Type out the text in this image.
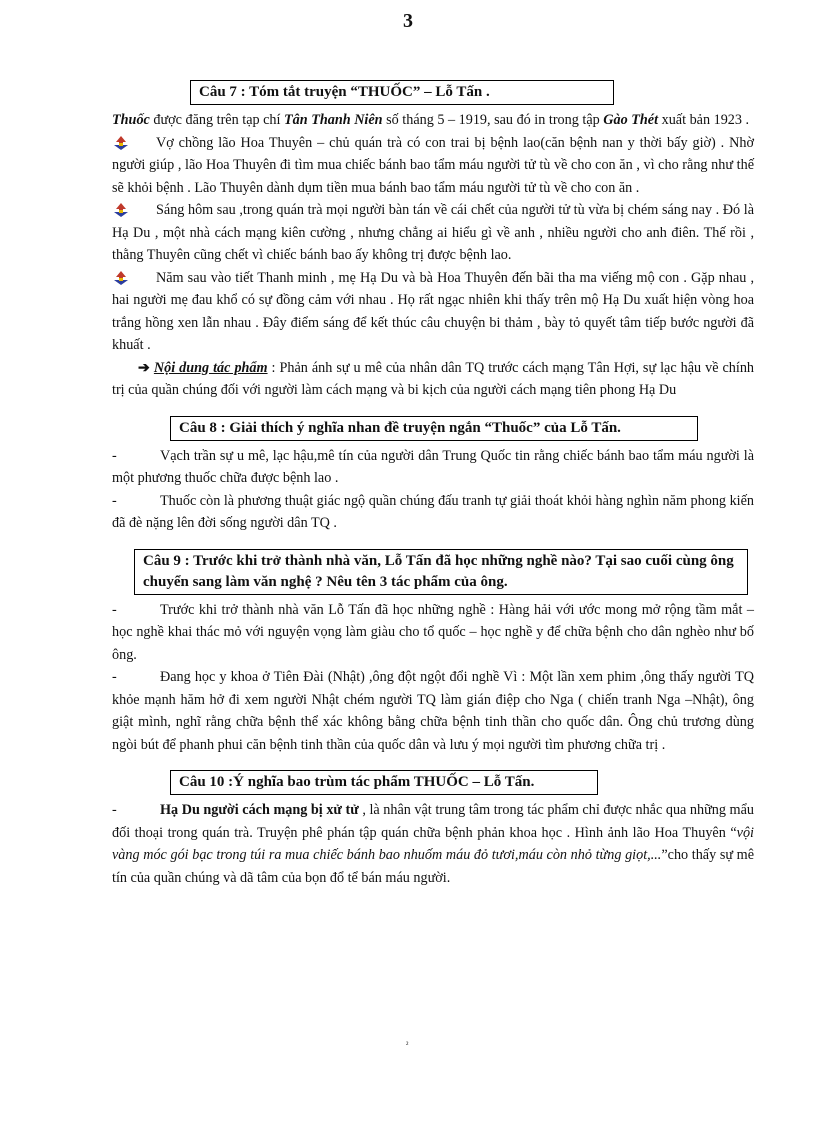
3
Câu 7 : Tóm tắt truyện “THUỐC” – Lỗ Tấn .

Thuốc được đăng trên tạp chí Tân Thanh Niên số tháng 5 – 1919, sau đó in trong tập Gào Thét xuất bản 1923 .

Vợ chồng lão Hoa Thuyên – chủ quán trà có con trai bị bệnh lao(căn bệnh nan y thời bấy giờ) . Nhờ người giúp , lão Hoa Thuyên đi tìm mua chiếc bánh bao tẩm máu người tử tù về cho con ăn , vì cho rằng như thế sẽ khỏi bệnh . Lão Thuyên dành dụm tiền mua bánh bao tẩm máu người tử tù về cho con ăn .

Sáng hôm sau ,trong quán trà mọi người bàn tán về cái chết của người tử tù vừa bị chém sáng nay . Đó là Hạ Du , một nhà cách mạng kiên cường , nhưng chẳng ai hiểu gì về anh , nhiều người cho anh điên. Thế rồi , thằng Thuyên cũng chết vì chiếc bánh bao ấy không trị được bệnh lao.

Năm sau vào tiết Thanh minh , mẹ Hạ Du và bà Hoa Thuyên đến bãi tha ma viếng mộ con . Gặp nhau , hai người mẹ đau khổ có sự đồng cảm với nhau . Họ rất ngạc nhiên khi thấy trên mộ Hạ Du xuất hiện vòng hoa trắng hồng xen lẫn nhau . Đây điểm sáng để kết thúc câu chuyện bi thảm , bày tỏ quyết tâm tiếp bước người đã khuất .

➔ Nội dung tác phẩm : Phản ánh sự u mê của nhân dân TQ trước cách mạng Tân Hợi, sự lạc hậu về chính trị của quần chúng đối với người làm cách mạng và bi kịch của người cách mạng tiên phong Hạ Du

Câu 8 : Giải thích ý nghĩa nhan đề truyện ngắn “Thuốc” của Lỗ Tấn.

-	Vạch trần sự u mê, lạc hậu,mê tín của người dân Trung Quốc tin rằng chiếc bánh bao tẩm máu người là một phương thuốc chữa được bệnh lao .

-	Thuốc còn là phương thuật giác ngộ quần chúng đấu tranh tự giải thoát khỏi hàng nghìn năm phong kiến đã đè nặng lên đời sống người dân TQ .

Câu 9 : Trước khi trở thành nhà văn, Lỗ Tấn đã học những nghề nào? Tại sao cuối cùng ông chuyển sang làm văn nghệ ? Nêu tên 3 tác phẩm của ông.

-	Trước khi trở thành nhà văn Lỗ Tấn đã học những nghề : Hàng hải với ước mong mở rộng tầm mắt – học nghề khai thác mỏ với nguyện vọng làm giàu cho tổ quốc – học nghề y để chữa bệnh cho dân nghèo như bố ông.

-	Đang học y khoa ở Tiên Đài (Nhật) ,ông đột ngột đổi nghề Vì : Một lần xem phim ,ông thấy người TQ khỏe mạnh hăm hở đi xem người Nhật chém người TQ làm gián điệp cho Nga ( chiến tranh Nga –Nhật), ông giật mình, nghĩ rằng chữa bệnh thể xác không bằng chữa bệnh tinh thần cho quốc dân. Ông chủ trương dùng ngòi bút để phanh phui căn bệnh tinh thần của quốc dân và lưu ý mọi người tìm phương chữa trị .

Câu 10 :Ý nghĩa bao trùm tác phẩm THUỐC – Lỗ Tấn.

-	Hạ Du người cách mạng bị xử tử , là nhân vật trung tâm trong tác phẩm chỉ được nhắc qua những mẩu đối thoại trong quán trà. Truyện phê phán tập quán chữa bệnh phản khoa học . Hình ảnh lão Hoa Thuyên “vội vàng móc gói bạc trong túi ra mua chiếc bánh bao nhuốm máu đỏ tươi,máu còn nhỏ từng giọt,...”cho thấy sự mê tín của quần chúng và dã tâm của bọn đổ tể bán máu người.

²
